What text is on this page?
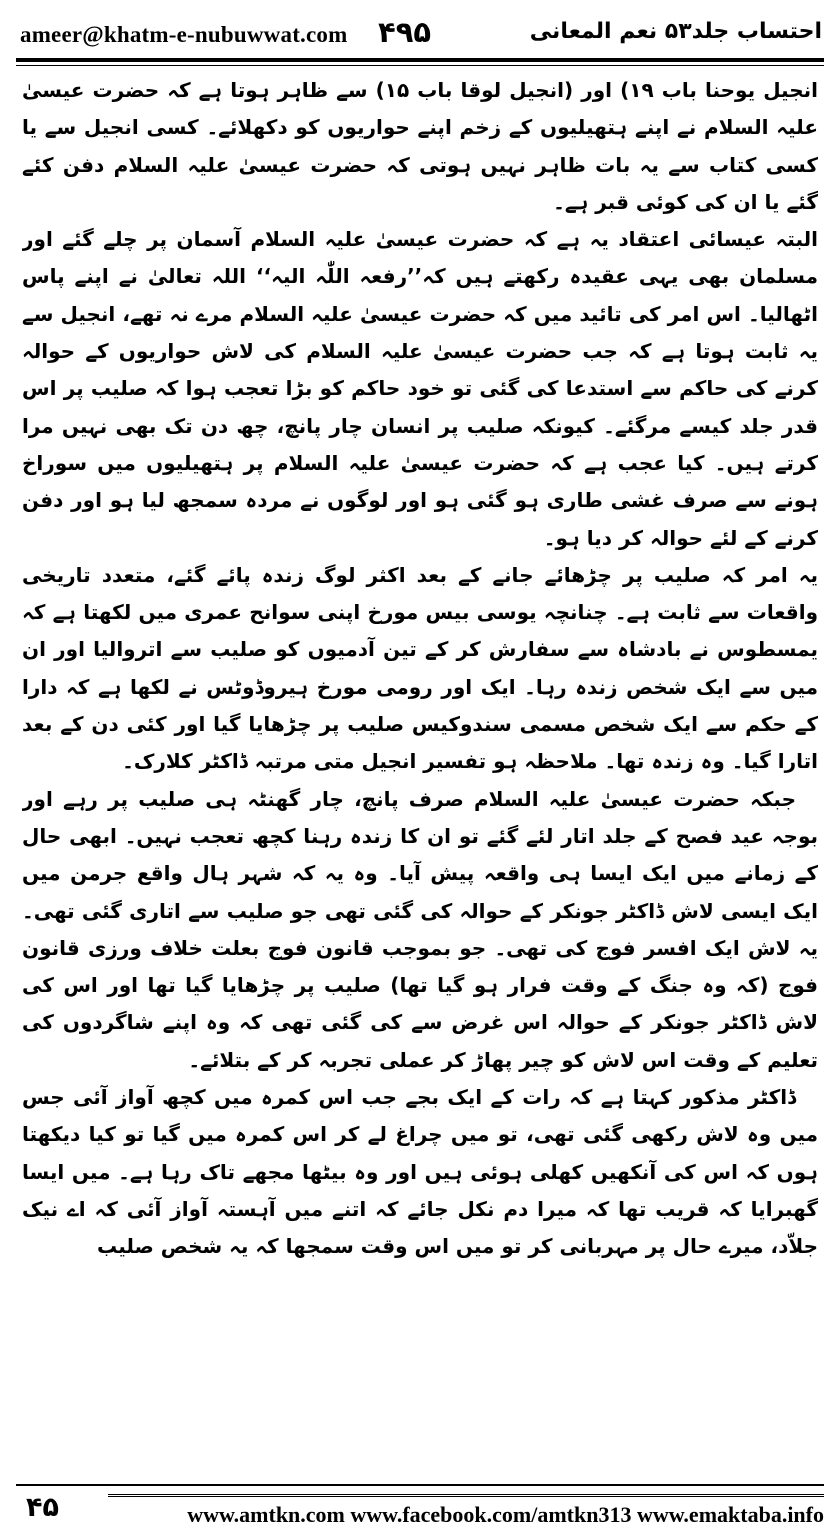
ameer@khatm-e-nubuwwat.com ۴۹۵	احتساب جلد۵۳ نعم المعانی

انجیل یوحنا باب ۱۹) اور (انجیل لوقا باب ۱۵) سے ظاہر ہوتا ہے کہ حضرت عیسیٰ علیہ السلام نے اپنے ہتھیلیوں کے زخم اپنے حواریوں کو دکھلائے۔ کسی انجیل سے یا کسی کتاب سے یہ بات ظاہر نہیں ہوتی کہ حضرت عیسیٰ علیہ السلام دفن کئے گئے یا ان کی کوئی قبر ہے۔

البتہ عیسائی اعتقاد یہ ہے کہ حضرت عیسیٰ علیہ السلام آسمان پر چلے گئے اور مسلمان بھی یہی عقیدہ رکھتے ہیں کہ’’رفعہ اللّٰہ الیہ‘‘ اللہ تعالیٰ نے اپنے پاس اٹھالیا۔ اس امر کی تائید میں کہ حضرت عیسیٰ علیہ السلام مرے نہ تھے، انجیل سے یہ ثابت ہوتا ہے کہ جب حضرت عیسیٰ علیہ السلام کی لاش حواریوں کے حوالہ کرنے کی حاکم سے استدعا کی گئی تو خود حاکم کو بڑا تعجب ہوا کہ صلیب پر اس قدر جلد کیسے مرگئے۔ کیونکہ صلیب پر انسان چار پانچ، چھ دن تک بھی نہیں مرا کرتے ہیں۔ کیا عجب ہے کہ حضرت عیسیٰ علیہ السلام پر ہتھیلیوں میں سوراخ ہونے سے صرف غشی طاری ہو گئی ہو اور لوگوں نے مردہ سمجھ لیا ہو اور دفن کرنے کے لئے حوالہ کر دیا ہو۔

یہ امر کہ صلیب پر چڑھائے جانے کے بعد اکثر لوگ زندہ پائے گئے، متعدد تاریخی واقعات سے ثابت ہے۔ چنانچہ یوسی بیس مورخ اپنی سوانح عمری میں لکھتا ہے کہ یمسطوس نے بادشاہ سے سفارش کر کے تین آدمیوں کو صلیب سے اتروالیا اور ان میں سے ایک شخص زندہ رہا۔ ایک اور رومی مورخ ہیروڈوٹس نے لکھا ہے کہ دارا کے حکم سے ایک شخص مسمی سندوکیس صلیب پر چڑھایا گیا اور کئی دن کے بعد اتارا گیا۔ وہ زندہ تھا۔ ملاحظہ ہو تفسیر انجیل متی مرتبہ ڈاکٹر کلارک۔

جبکہ حضرت عیسیٰ علیہ السلام صرف پانچ، چار گھنٹہ ہی صلیب پر رہے اور بوجہ عید فصح کے جلد اتار لئے گئے تو ان کا زندہ رہنا کچھ تعجب نہیں۔ ابھی حال کے زمانے میں ایک ایسا ہی واقعہ پیش آیا۔ وہ یہ کہ شہر ہال واقع جرمن میں ایک ایسی لاش ڈاکٹر جونکر کے حوالہ کی گئی تھی جو صلیب سے اتاری گئی تھی۔ یہ لاش ایک افسر فوج کی تھی۔ جو بموجب قانون فوج بعلت خلاف ورزی قانون فوج (کہ وہ جنگ کے وقت فرار ہو گیا تھا) صلیب پر چڑھایا گیا تھا اور اس کی لاش ڈاکٹر جونکر کے حوالہ اس غرض سے کی گئی تھی کہ وہ اپنے شاگردوں کی تعلیم کے وقت اس لاش کو چیر پھاڑ کر عملی تجربہ کر کے بتلائے۔

ڈاکٹر مذکور کہتا ہے کہ رات کے ایک بجے جب اس کمرہ میں کچھ آواز آئی جس میں وہ لاش رکھی گئی تھی، تو میں چراغ لے کر اس کمرہ میں گیا تو کیا دیکھتا ہوں کہ اس کی آنکھیں کھلی ہوئی ہیں اور وہ بیٹھا مجھے تاک رہا ہے۔ میں ایسا گھبرایا کہ قریب تھا کہ میرا دم نکل جائے کہ اتنے میں آہستہ آواز آئی کہ اے نیک جلاّد، میرے حال پر مہربانی کر تو میں اس وقت سمجھا کہ یہ شخص صلیب

۴۵	www.amtkn.com www.facebook.com/amtkn313 www.emaktaba.info
